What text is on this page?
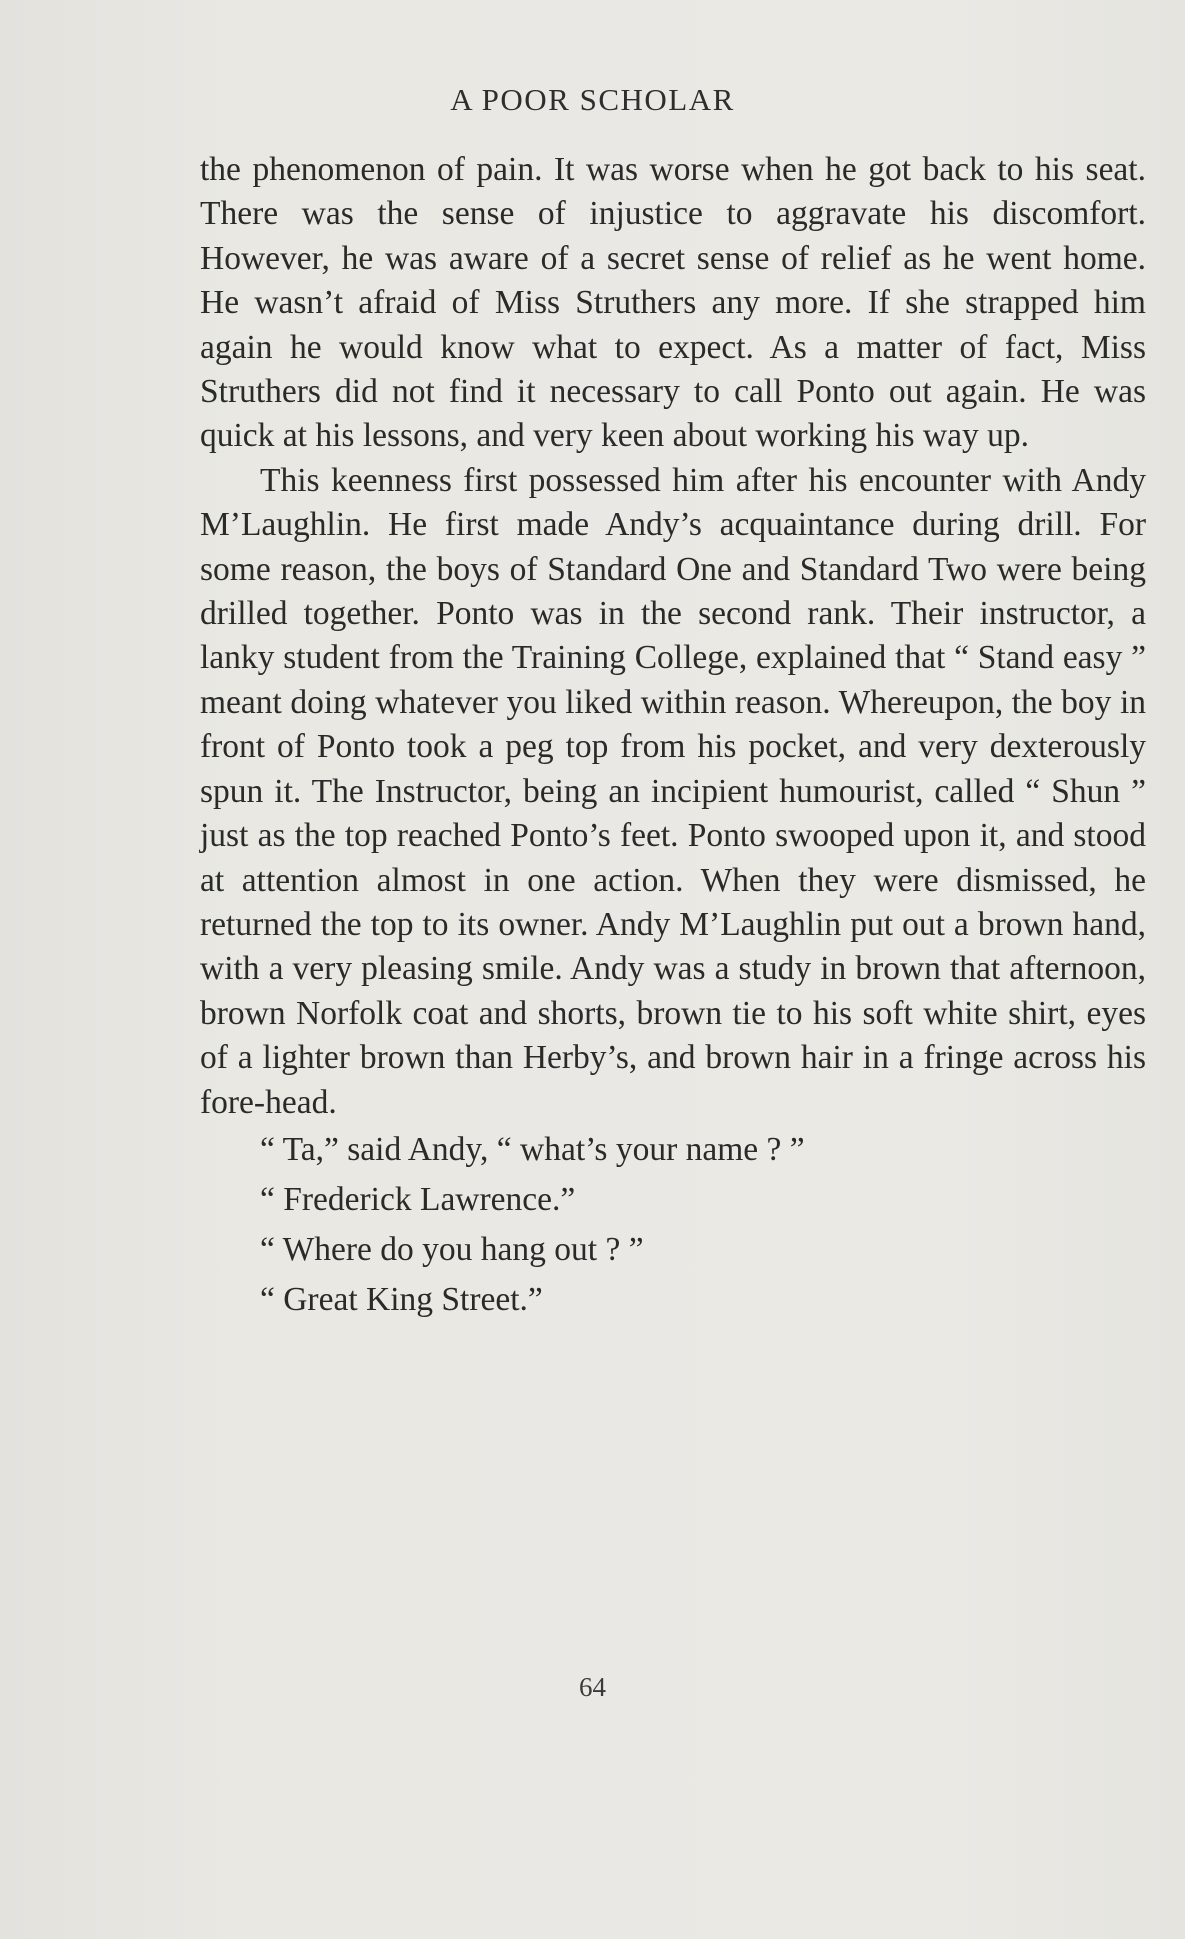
A POOR SCHOLAR

the phenomenon of pain. It was worse when he got back to his seat. There was the sense of injustice to aggravate his discomfort. However, he was aware of a secret sense of relief as he went home. He wasn’t afraid of Miss Struthers any more. If she strapped him again he would know what to expect. As a matter of fact, Miss Struthers did not find it necessary to call Ponto out again. He was quick at his lessons, and very keen about working his way up.

This keenness first possessed him after his encounter with Andy M’Laughlin. He first made Andy’s acquaintance during drill. For some reason, the boys of Standard One and Standard Two were being drilled together. Ponto was in the second rank. Their instructor, a lanky student from the Training College, explained that “ Stand easy ” meant doing whatever you liked within reason. Whereupon, the boy in front of Ponto took a peg top from his pocket, and very dexterously spun it. The Instructor, being an incipient humourist, called “ Shun ” just as the top reached Ponto’s feet. Ponto swooped upon it, and stood at attention almost in one action. When they were dismissed, he returned the top to its owner. Andy M’Laughlin put out a brown hand, with a very pleasing smile. Andy was a study in brown that afternoon, brown Norfolk coat and shorts, brown tie to his soft white shirt, eyes of a lighter brown than Herby’s, and brown hair in a fringe across his fore-head.

“ Ta,” said Andy, “ what’s your name ? ”

“ Frederick Lawrence.”

“ Where do you hang out ? ”

“ Great King Street.”

64
